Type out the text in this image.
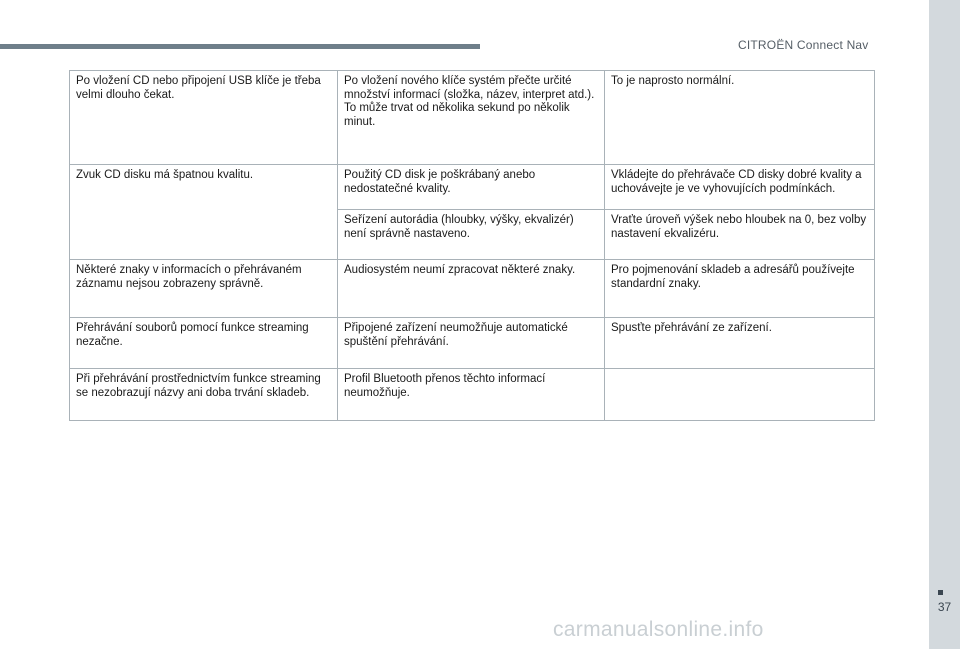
CITROËN Connect Nav
37
Po vložení CD nebo připojení USB klíče je třeba velmi dlouho čekat.	Po vložení nového klíče systém přečte určité množství informací (složka, název, interpret atd.). To může trvat od několika sekund po několik minut.	To je naprosto normální.
Zvuk CD disku má špatnou kvalitu.	Použitý CD disk je poškrábaný anebo nedostatečné kvality.	Vkládejte do přehrávače CD disky dobré kvality a uchovávejte je ve vyhovujících podmínkách.
	Seřízení autorádia (hloubky, výšky, ekvalizér) není správně nastaveno.	Vraťte úroveň výšek nebo hloubek na 0, bez volby nastavení ekvalizéru.
Některé znaky v informacích o přehrávaném záznamu nejsou zobrazeny správně.	Audiosystém neumí zpracovat některé znaky.	Pro pojmenování skladeb a adresářů používejte standardní znaky.
Přehrávání souborů pomocí funkce streaming nezačne.	Připojené zařízení neumožňuje automatické spuštění přehrávání.	Spusťte přehrávání ze zařízení.
Při přehrávání prostřednictvím funkce streaming se nezobrazují názvy ani doba trvání skladeb.	Profil Bluetooth přenos těchto informací neumožňuje.	
carmanualsonline.info
